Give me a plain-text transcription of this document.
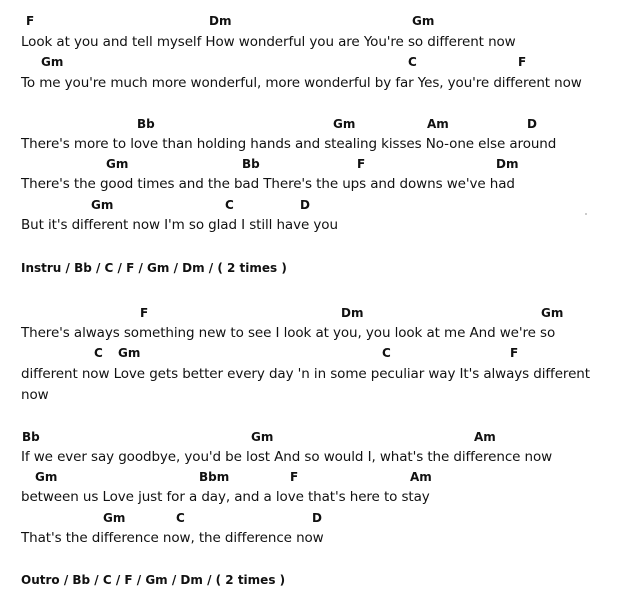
F	Dm	Gm
Look at you and tell myself How wonderful you are You're so different now
Gm	C	F
To me you're much more wonderful, more wonderful by far Yes, you're different now
Bb	Gm	Am	D
There's more to love than holding hands and stealing kisses No-one else around
Gm	Bb	F	Dm
There's the good times and the bad There's the ups and downs we've had
Gm	C	D
But it's different now I'm so glad I still have you
Instru / Bb / C / F / Gm / Dm / ( 2 times )
F	Dm	Gm
There's always something new to see I look at you, you look at me And we're so
C Gm	C	F
different now Love gets better every day 'n in some peculiar way It's always different
now
Bb	Gm	Am
If we ever say goodbye, you'd be lost And so would I, what's the difference now
Gm	Bbm	F	Am
between us Love just for a day, and a love that's here to stay
Gm	C	D
That's the difference now, the difference now
Outro / Bb / C / F / Gm / Dm / ( 2 times )
